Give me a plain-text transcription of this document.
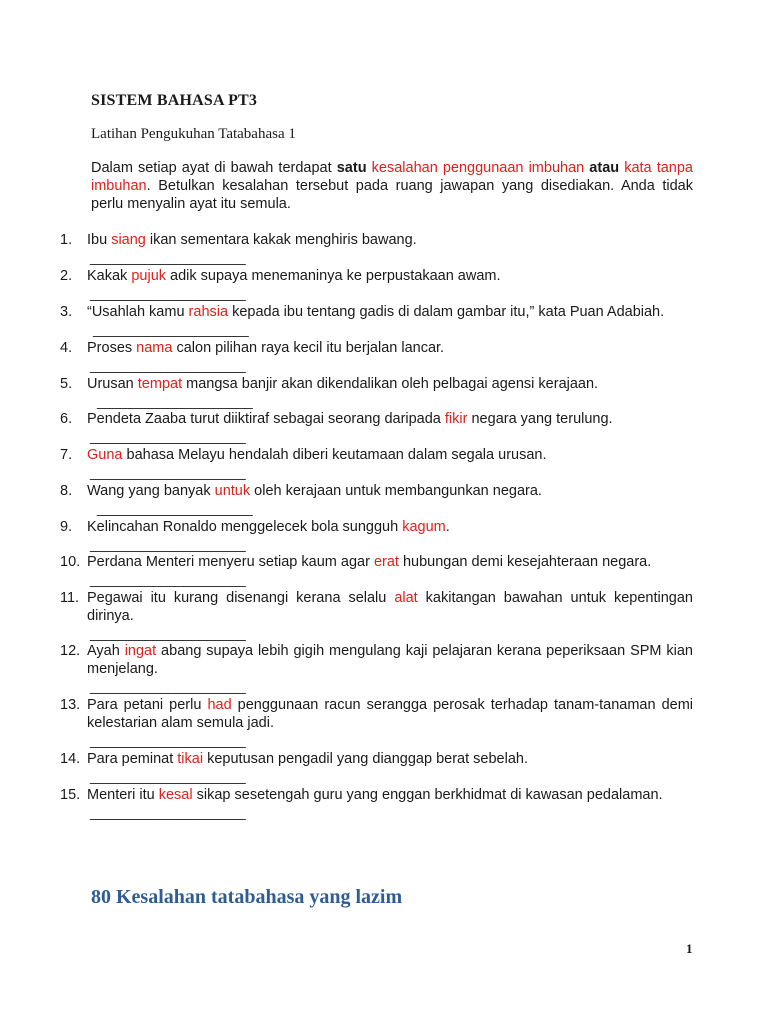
SISTEM BAHASA PT3
Latihan Pengukuhan Tatabahasa 1
Dalam setiap ayat di bawah terdapat satu kesalahan penggunaan imbuhan atau kata tanpa imbuhan. Betulkan kesalahan tersebut pada ruang jawapan yang disediakan. Anda tidak perlu menyalin ayat itu semula.
1.	Ibu siang ikan sementara kakak menghiris bawang.
____________________
2.	Kakak pujuk adik supaya menemaninya ke perpustakaan awam.
____________________
3.	“Usahlah kamu rahsia kepada ibu tentang gadis di dalam gambar itu,” kata Puan Adabiah.
____________________
4.	Proses nama calon pilihan raya kecil itu berjalan lancar.
____________________
5.	Urusan tempat mangsa banjir akan dikendalikan oleh pelbagai agensi kerajaan.
____________________
6.	Pendeta Zaaba turut diiktiraf sebagai seorang daripada fikir negara yang terulung.
____________________
7.	Guna bahasa Melayu hendalah diberi keutamaan dalam segala urusan.
____________________
8.	Wang yang banyak untuk oleh kerajaan untuk membangunkan negara.
____________________
9.	Kelincahan Ronaldo menggelecek bola sungguh kagum.
____________________
10. Perdana Menteri menyeru setiap kaum agar erat hubungan demi kesejahteraan negara.
____________________
11. Pegawai itu kurang disenangi kerana selalu alat kakitangan bawahan untuk kepentingan dirinya.
____________________
12. Ayah ingat abang supaya lebih gigih mengulang kaji pelajaran kerana peperiksaan SPM kian menjelang.
____________________
13. Para petani perlu had penggunaan racun serangga perosak terhadap tanam-tanaman demi kelestarian alam semula jadi.
____________________
14. Para peminat tikai keputusan pengadil yang dianggap berat sebelah.
____________________
15. Menteri itu kesal sikap sesetengah guru yang enggan berkhidmat di kawasan pedalaman.
____________________
80 Kesalahan tatabahasa yang lazim
1
